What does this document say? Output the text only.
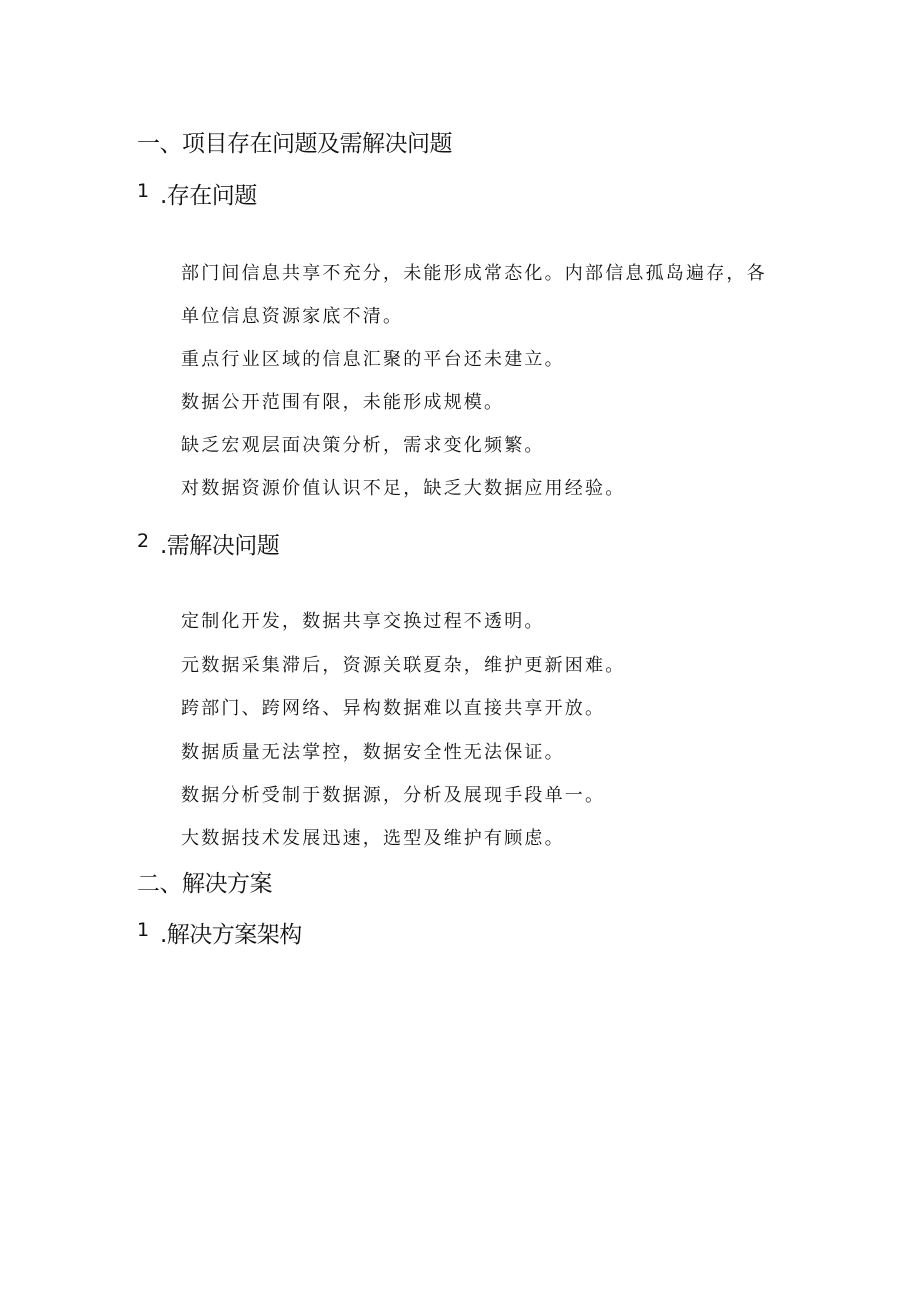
一、项目存在问题及需解决问题
1 .存在问题
部门间信息共享不充分，未能形成常态化。内部信息孤岛遍存，各
单位信息资源家底不清。
重点行业区域的信息汇聚的平台还未建立。
数据公开范围有限，未能形成规模。
缺乏宏观层面决策分析，需求变化频繁。
对数据资源价值认识不足，缺乏大数据应用经验。
2 .需解决问题
定制化开发，数据共享交换过程不透明。
元数据采集滞后，资源关联夏杂，维护更新困难。
跨部门、跨网络、异构数据难以直接共享开放。
数据质量无法掌控，数据安全性无法保证。
数据分析受制于数据源，分析及展现手段单一。
大数据技术发展迅速，选型及维护有顾虑。
二、解决方案
1 .解决方案架构
